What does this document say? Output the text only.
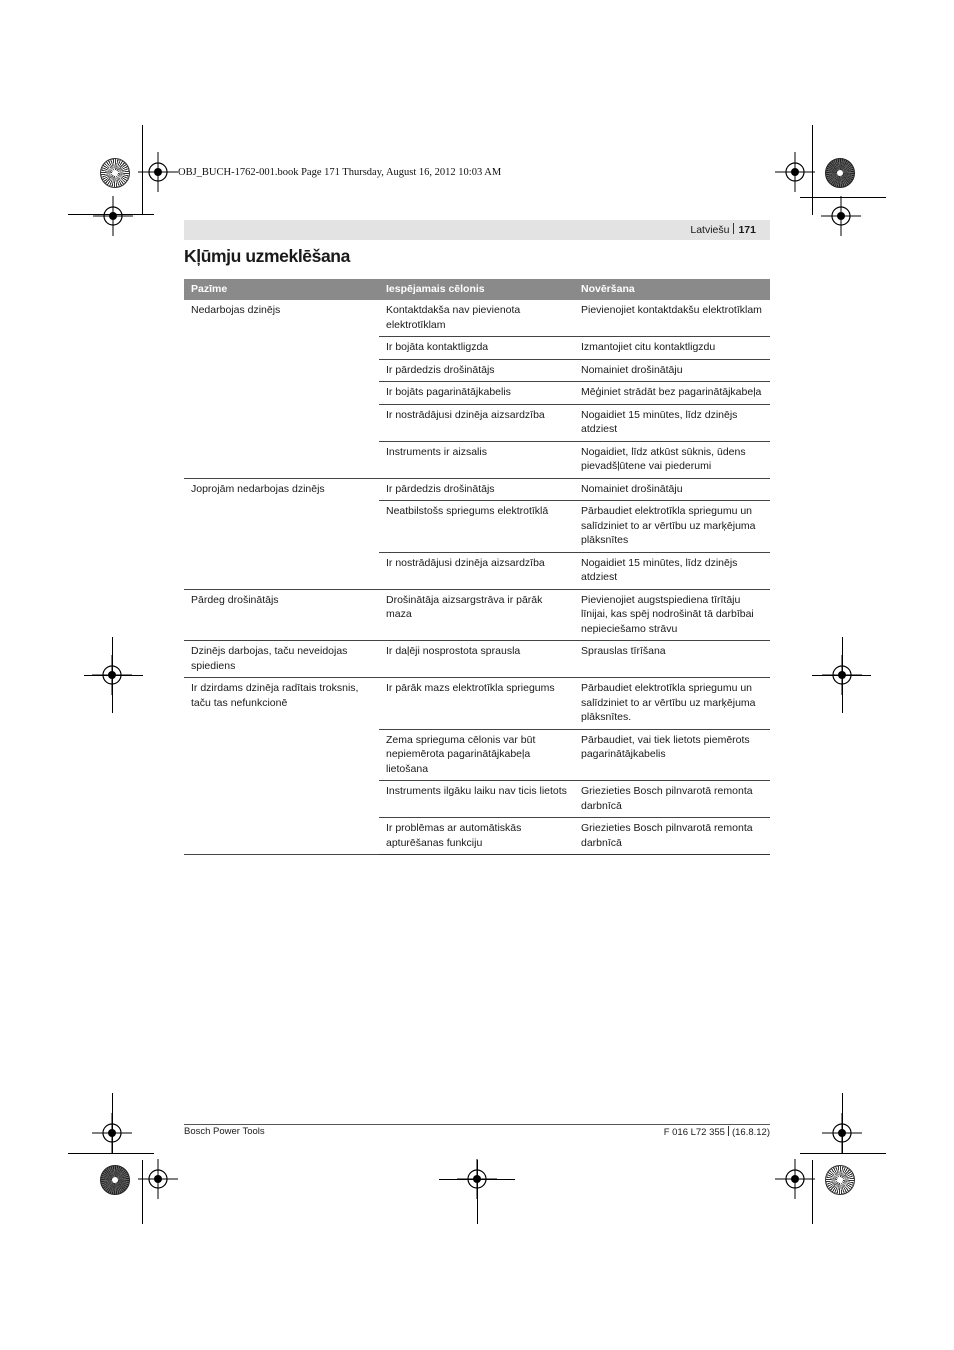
OBJ_BUCH-1762-001.book Page 171 Thursday, August 16, 2012 10:03 AM
Latviešu 171
Kļūmju uzmeklēšana
Pazīme	Iespējamais cēlonis	Novēršana
Nedarbojas dzinējs	Kontaktdakša nav pievienota elektrotīklam	Pievienojiet kontaktdakšu elektrotīklam
	Ir bojāta kontaktligzda	Izmantojiet citu kontaktligzdu
	Ir pārdedzis drošinātājs	Nomainiet drošinātāju
	Ir bojāts pagarinātājkabelis	Mēģiniet strādāt bez pagarinātājkabeļa
	Ir nostrādājusi dzinēja aizsardzība	Nogaidiet 15 minūtes, līdz dzinējs atdziest
	Instruments ir aizsalis	Nogaidiet, līdz atkūst sūknis, ūdens pievadšļūtene vai piederumi
Joprojām nedarbojas dzinējs	Ir pārdedzis drošinātājs	Nomainiet drošinātāju
	Neatbilstošs spriegums elektrotīklā	Pārbaudiet elektrotīkla spriegumu un salīdziniet to ar vērtību uz marķējuma plāksnītes
	Ir nostrādājusi dzinēja aizsardzība	Nogaidiet 15 minūtes, līdz dzinējs atdziest
Pārdeg drošinātājs	Drošinātāja aizsargstrāva ir pārāk maza	Pievienojiet augstspiediena tīrītāju līnijai, kas spēj nodrošināt tā darbībai nepieciešamo strāvu
Dzinējs darbojas, taču neveidojas spiediens	Ir daļēji nosprostota sprausla	Sprauslas tīrīšana
Ir dzirdams dzinēja radītais troksnis, taču tas nefunkcionē	Ir pārāk mazs elektrotīkla spriegums	Pārbaudiet elektrotīkla spriegumu un salīdziniet to ar vērtību uz marķējuma plāksnītes.
	Zema sprieguma cēlonis var būt nepiemērota pagarinātājkabeļa lietošana	Pārbaudiet, vai tiek lietots piemērots pagarinātājkabelis
	Instruments ilgāku laiku nav ticis lietots	Griezieties Bosch pilnvarotā remonta darbnīcā
	Ir problēmas ar automātiskās apturēšanas funkciju	Griezieties Bosch pilnvarotā remonta darbnīcā
Bosch Power Tools	F 016 L72 355 (16.8.12)
